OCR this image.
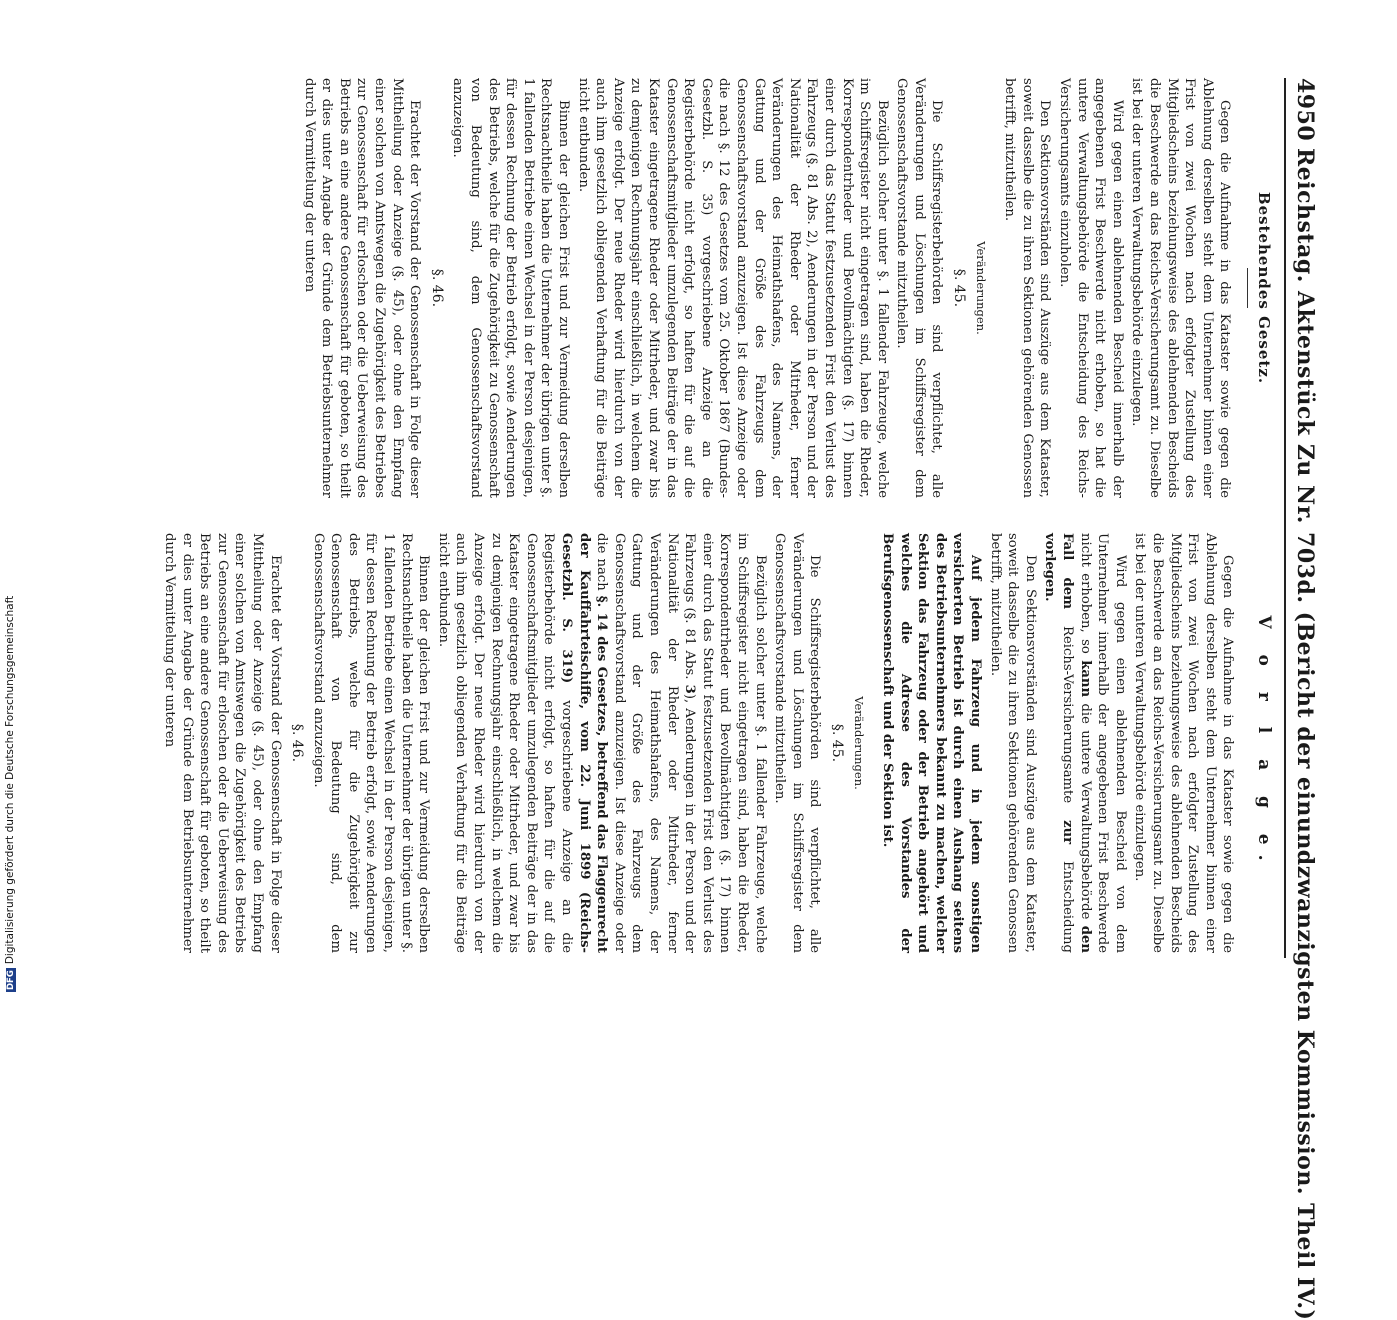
DFGDigitalisierung gefördert durch die Deutsche Forschungsgemeinschaft
4950
Reichstag. Aktenstück Zu Nr. 703d. (Bericht der einundzwanzigsten Kommission. Theil IV.)
Bestehendes Gesetz.

Gegen die Aufnahme in das Kataster sowie gegen die Ablehnung derselben steht dem Unternehmer binnen einer Frist von zwei Wochen nach erfolgter Zustellung des Mitgliedscheins beziehungsweise des ablehnenden Bescheids die Beschwerde an das Reichs-Versicherungsamt zu. Dieselbe ist bei der unteren Verwaltungsbehörde einzulegen.

Wird gegen einen ablehnenden Bescheid innerhalb der angegebenen Frist Beschwerde nicht erhoben, so hat die untere Verwaltungsbehörde die Entscheidung des Reichs-Versicherungsamts einzuholen.

Den Sektionsvorständen sind Auszüge aus dem Kataster, soweit dasselbe die zu ihren Sektionen gehörenden Genossen betrifft, mitzutheilen.

Veränderungen.
§. 45.

Die Schiffsregisterbehörden sind verpflichtet, alle Veränderungen und Löschungen im Schiffsregister dem Genossenschaftsvorstande mitzutheilen.

Bezüglich solcher unter §. 1 fallender Fahrzeuge, welche im Schiffsregister nicht eingetragen sind, haben die Rheder, Korrespondentrheder und Bevollmächtigten (§. 17) binnen einer durch das Statut festzusetzenden Frist den Verlust des Fahrzeugs (§. 81 Abs. 2), Aenderungen in der Person und der Nationalität der Rheder oder Mitrheder, ferner Veränderungen des Heimathshafens, des Namens, der Gattung und der Größe des Fahrzeugs dem Genossenschaftsvorstand anzuzeigen. Ist diese Anzeige oder die nach §. 12 des Gesetzes vom 25. Oktober 1867 (Bundes-Gesetzbl. S. 35) vorgeschriebene Anzeige an die Registerbehörde nicht erfolgt, so haften für die auf die Genossenschaftsmitglieder umzulegenden Beiträge der in das Kataster eingetragene Rheder oder Mitrheder, und zwar bis zu demjenigen Rechnungsjahr einschließlich, in welchem die Anzeige erfolgt. Der neue Rheder wird hierdurch von der auch ihm gesetzlich obliegenden Verhaftung für die Beiträge nicht entbunden.

Binnen der gleichen Frist und zur Vermeidung derselben Rechtsnachtheile haben die Unternehmer der übrigen unter §. 1 fallenden Betriebe einen Wechsel in der Person desjenigen, für dessen Rechnung der Betrieb erfolgt, sowie Aenderungen des Betriebs, welche für die Zugehörigkeit zu Genossenschaft von Bedeutung sind, dem Genossenschaftsvorstand anzuzeigen.

§. 46.

Erachtet der Vorstand der Genossenschaft in Folge dieser Mittheilung oder Anzeige (§. 45), oder ohne den Empfang einer solchen von Amtswegen die Zugehörigkeit des Betriebes zur Genossenschaft für erloschen oder die Ueberweisung des Betriebs an eine andere Genossenschaft für geboten, so theilt er dies unter Angabe der Gründe dem Betriebsunternehmer durch Vermittelung der unteren

V o r l a g e.

Gegen die Aufnahme in das Kataster sowie gegen die Ablehnung derselben steht dem Unternehmer binnen einer Frist von zwei Wochen nach erfolgter Zustellung des Mitgliedscheins beziehungsweise des ablehnenden Bescheids die Beschwerde an das Reichs-Versicherungsamt zu. Dieselbe ist bei der unteren Verwaltungsbehörde einzulegen.

Wird gegen einen ablehnenden Bescheid von dem Unternehmer innerhalb der angegebenen Frist Beschwerde nicht erhoben, so kann die untere Verwaltungsbehörde den Fall dem Reichs-Versicherungsamte zur Entscheidung vorlegen.

Den Sektionsvorständen sind Auszüge aus dem Kataster, soweit dasselbe die zu ihren Sektionen gehörenden Genossen betrifft, mitzutheilen.

Auf jedem Fahrzeug und in jedem sonstigen versicherten Betrieb ist durch einen Aushang seitens des Betriebsunternehmers bekannt zu machen, welcher Sektion das Fahrzeug oder der Betrieb angehört und welches die Adresse des Vorstandes der Berufsgenossenschaft und der Sektion ist.

Veränderungen.
§. 45.

Die Schiffsregisterbehörden sind verpflichtet, alle Veränderungen und Löschungen im Schiffsregister dem Genossenschaftsvorstande mitzutheilen.

Bezüglich solcher unter §. 1 fallender Fahrzeuge, welche im Schiffsregister nicht eingetragen sind, haben die Rheder, Korrespondentrheder und Bevollmächtigten (§. 17) binnen einer durch das Statut festzusetzenden Frist den Verlust des Fahrzeugs (§. 81 Abs. 3), Aenderungen in der Person und der Nationalität der Rheder oder Mitrheder, ferner Veränderungen des Heimathshafens, des Namens, der Gattung und der Größe des Fahrzeugs dem Genossenschaftsvorstand anzuzeigen. Ist diese Anzeige oder die nach §. 14 des Gesetzes, betreffend das Flaggenrecht der Kauffahrteischiffe, vom 22. Juni 1899 (Reichs-Gesetzbl. S. 319) vorgeschriebene Anzeige an die Registerbehörde nicht erfolgt, so haften für die auf die Genossenschaftsmitglieder umzulegenden Beiträge der in das Kataster eingetragene Rheder oder Mitrheder, und zwar bis zu demjenigen Rechnungsjahr einschließlich, in welchem die Anzeige erfolgt. Der neue Rheder wird hierdurch von der auch ihm gesetzlich obliegenden Verhaftung für die Beiträge nicht entbunden.

Binnen der gleichen Frist und zur Vermeidung derselben Rechtsnachtheile haben die Unternehmer der übrigen unter §. 1 fallenden Betriebe einen Wechsel in der Person desjenigen, für dessen Rechnung der Betrieb erfolgt, sowie Aenderungen des Betriebs, welche für die Zugehörigkeit zur Genossenschaft von Bedeutung sind, dem Genossenschaftsvorstand anzuzeigen.

§. 46.

Erachtet der Vorstand der Genossenschaft in Folge dieser Mittheilung oder Anzeige (§. 45), oder ohne den Empfang einer solchen von Amtswegen die Zugehörigkeit des Betriebs zur Genossenschaft für erloschen oder die Ueberweisung des Betriebs an eine andere Genossenschaft für geboten, so theilt er dies unter Angabe der Gründe dem Betriebsunternehmer durch Vermittelung der unteren
